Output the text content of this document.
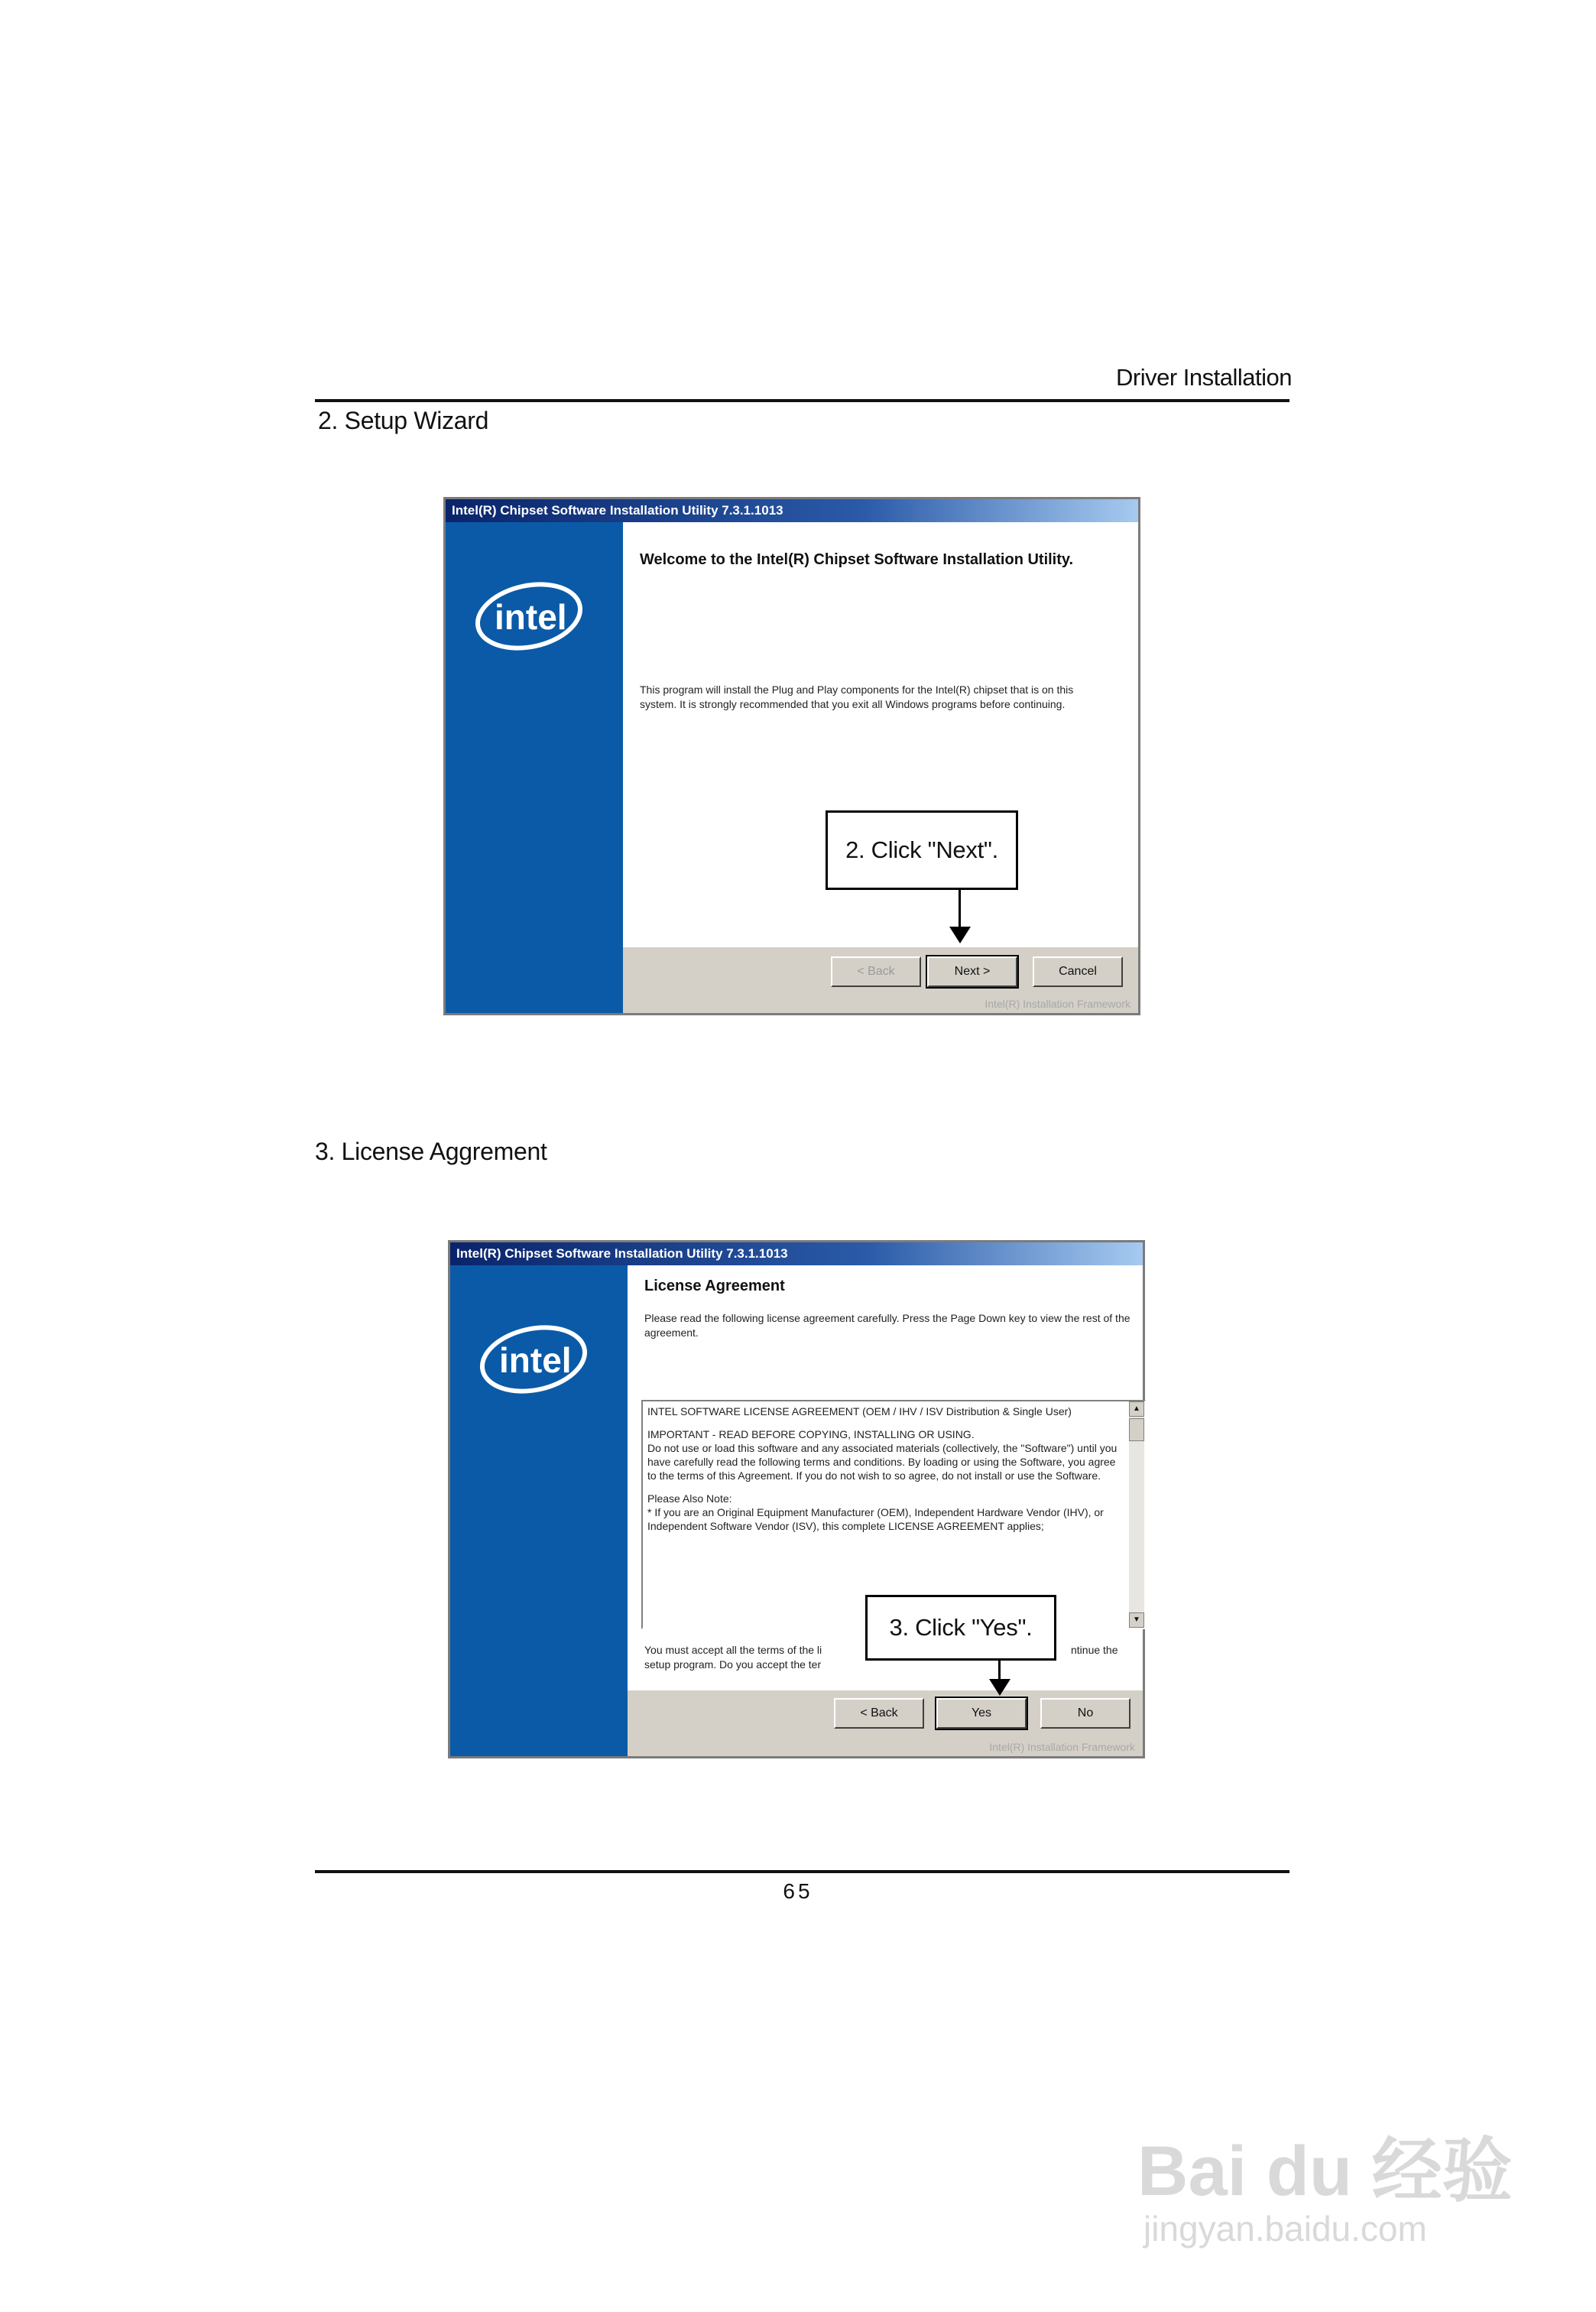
Driver Installation
2. Setup Wizard
Intel(R) Chipset Software Installation Utility 7.3.1.1013
intel
Welcome to the Intel(R) Chipset Software Installation Utility.
This program will install the Plug and Play components for the Intel(R) chipset that is on this system. It is strongly recommended that you exit all Windows programs before continuing.
< Back	Next >	Cancel
Intel(R) Installation Framework
2. Click "Next".
3. License Aggrement
Intel(R) Chipset Software Installation Utility 7.3.1.1013
intel
License Agreement
Please read the following license agreement carefully. Press the Page Down key to view the rest of the agreement.
INTEL SOFTWARE LICENSE AGREEMENT (OEM / IHV / ISV Distribution & Single User)
IMPORTANT - READ BEFORE COPYING, INSTALLING OR USING.
Do not use or load this software and any associated materials (collectively, the "Software") until you have carefully read the following terms and conditions. By loading or using the Software, you agree to the terms of this Agreement. If you do not wish to so agree, do not install or use the Software.
Please Also Note:
* If you are an Original Equipment Manufacturer (OEM), Independent Hardware Vendor (IHV), or Independent Software Vendor (ISV), this complete LICENSE AGREEMENT applies;
▲
▼
You must accept all the terms of the li
setup program. Do you accept the ter
ntinue the
< Back	Yes	No
Intel(R) Installation Framework
3. Click "Yes".
65
Bai du 经验
jingyan.baidu.com
